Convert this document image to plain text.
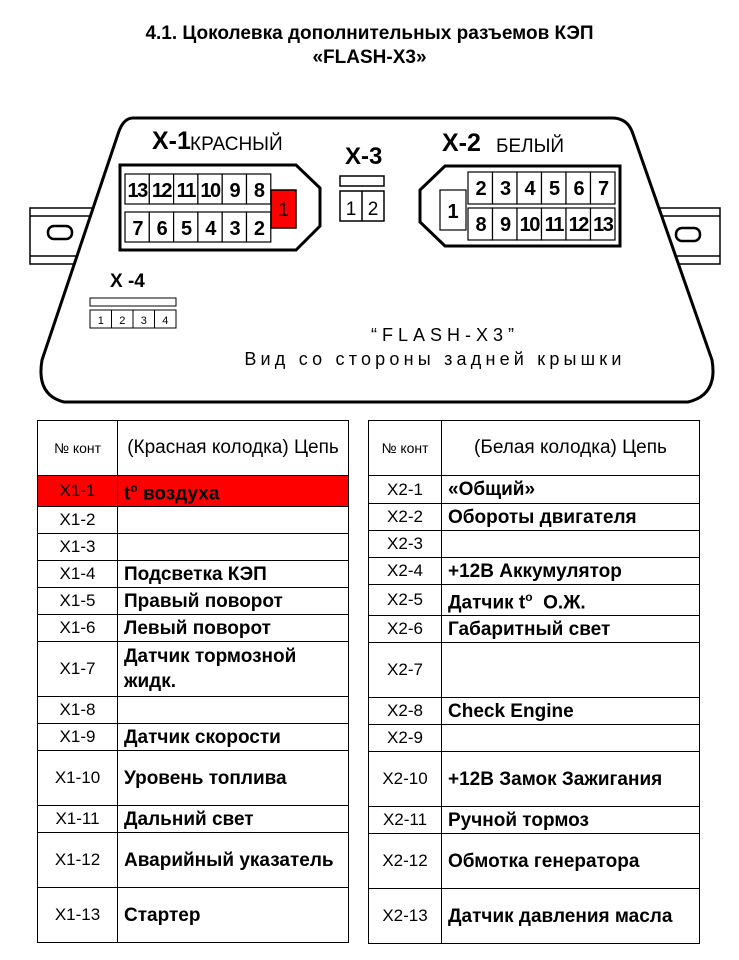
4.1. Цоколевка дополнительных разъемов КЭП
«FLASH-X3»
X-1 КРАСНЫЙ
13 12 11 10 9 8
7 6 5 4 3 2
1
X-3
1 2
X-2 БЕЛЫЙ
1
2 3 4 5 6 7
8 9 10 11 12 13
X -4
1 2 3 4
“FLASH-X3”
Вид со стороны задней крышки
№ конт	(Красная колодка) Цепь
X1-1	$t^o$ воздуха
X1-2	
X1-3	
X1-4	Подсветка КЭП
X1-5	Правый поворот
X1-6	Левый поворот
X1-7	Датчик тормозной жидк.
X1-8	
X1-9	Датчик скорости
X1-10	Уровень топлива
X1-11	Дальний свет
X1-12	Аварийный указатель
X1-13	Стартер
№ конт	(Белая колодка) Цепь
X2-1	«Общий»
X2-2	Обороты двигателя
X2-3	
X2-4	+12В Аккумулятор
X2-5	Датчик $t^o$  О.Ж.
X2-6	Габаритный свет
X2-7	
X2-8	Check Engine
X2-9	
X2-10	+12В Замок Зажигания
X2-11	Ручной тормоз
X2-12	Обмотка генератора
X2-13	Датчик давления масла
